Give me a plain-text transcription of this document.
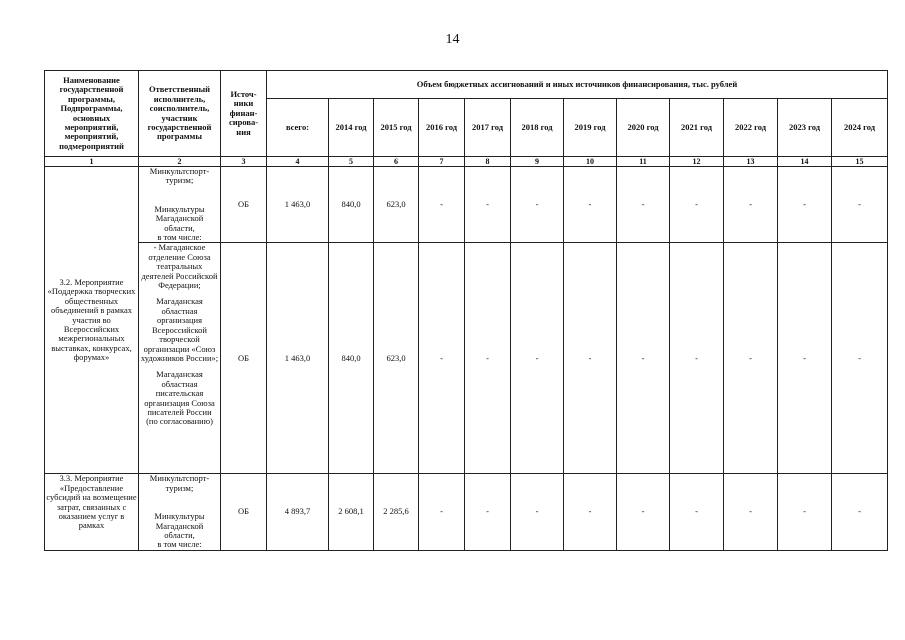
14
Наименование государственной программы, Подпрограммы, основных мероприятий, мероприятий, подмероприятий	Ответственный исполнитель, соисполнитель, участник государственной программы	Источ-ники финан-сирова-ния	Объем бюджетных ассигнований и иных источников финансирования, тыс. рублей											
			всего:	2014 год	2015 год	2016 год	2017 год	2018 год	2019 год	2020 год	2021 год	2022 год	2023 год	2024 год
1	2	3	4	5	6	7	8	9	10	11	12	13	14	15

3.2. Мероприятие «Поддержка творческих общественных объединений в рамках участия во Всероссийских межрегиональных выставках, конкурсах, форумах»	Минкультспорт-туризм;
Минкультуры Магаданской области,
в том числе:	ОБ	1 463,0	840,0	623,0	-	-	-	-	-	-	-	-	-

	- Магаданское отделение Союза театральных деятелей Российской Федерации;
Магаданская областная организация Всероссийской творческой организации «Союз художников России»;
Магаданская областная писательская организация Союза писателей России
(по согласованию)	ОБ	1 463,0	840,0	623,0	-	-	-	-	-	-	-	-	-
3.3. Мероприятие «Предоставление субсидий на возмещение затрат, связанных с оказанием услуг в рамках	Минкультспорт-туризм;
Минкультуры Магаданской области,
в том числе:	ОБ	4 893,7	2 608,1	2 285,6	-	-	-	-	-	-	-	-	-
